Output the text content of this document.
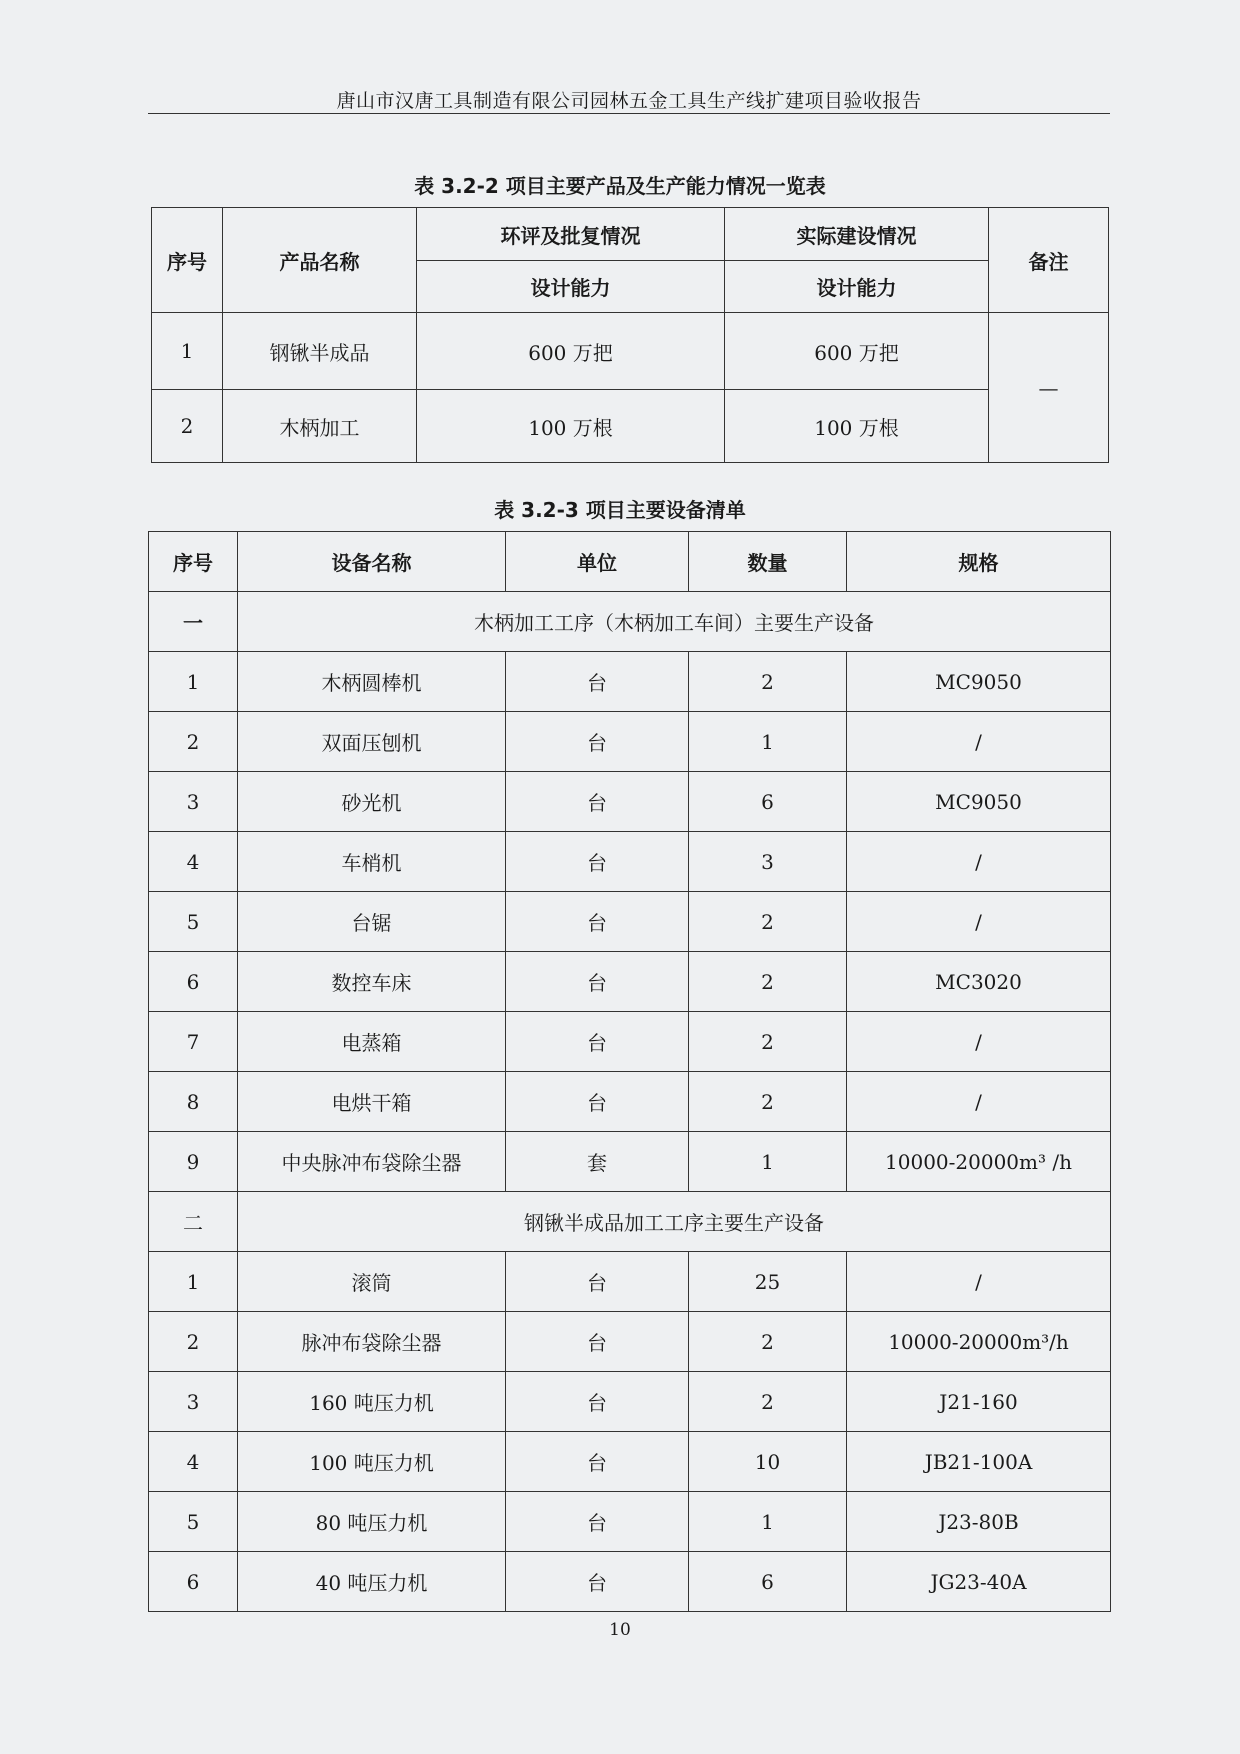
唐山市汉唐工具制造有限公司园林五金工具生产线扩建项目验收报告
表 3.2-2 项目主要产品及生产能力情况一览表
序号	产品名称	环评及批复情况	实际建设情况	备注
		设计能力	设计能力	
1	钢锹半成品	600 万把	600 万把	—
2	木柄加工	100 万根	100 万根	
表 3.2-3 项目主要设备清单
序号	设备名称	单位	数量	规格
一	木柄加工工序（木柄加工车间）主要生产设备			
1	木柄圆棒机	台	2	MC9050
2	双面压刨机	台	1	/
3	砂光机	台	6	MC9050
4	车梢机	台	3	/
5	台锯	台	2	/
6	数控车床	台	2	MC3020
7	电蒸箱	台	2	/
8	电烘干箱	台	2	/
9	中央脉冲布袋除尘器	套	1	10000-20000m³ /h
二	钢锹半成品加工工序主要生产设备			
1	滚筒	台	25	/
2	脉冲布袋除尘器	台	2	10000-20000m³/h
3	160 吨压力机	台	2	J21-160
4	100 吨压力机	台	10	JB21-100A
5	80 吨压力机	台	1	J23-80B
6	40 吨压力机	台	6	JG23-40A
10
